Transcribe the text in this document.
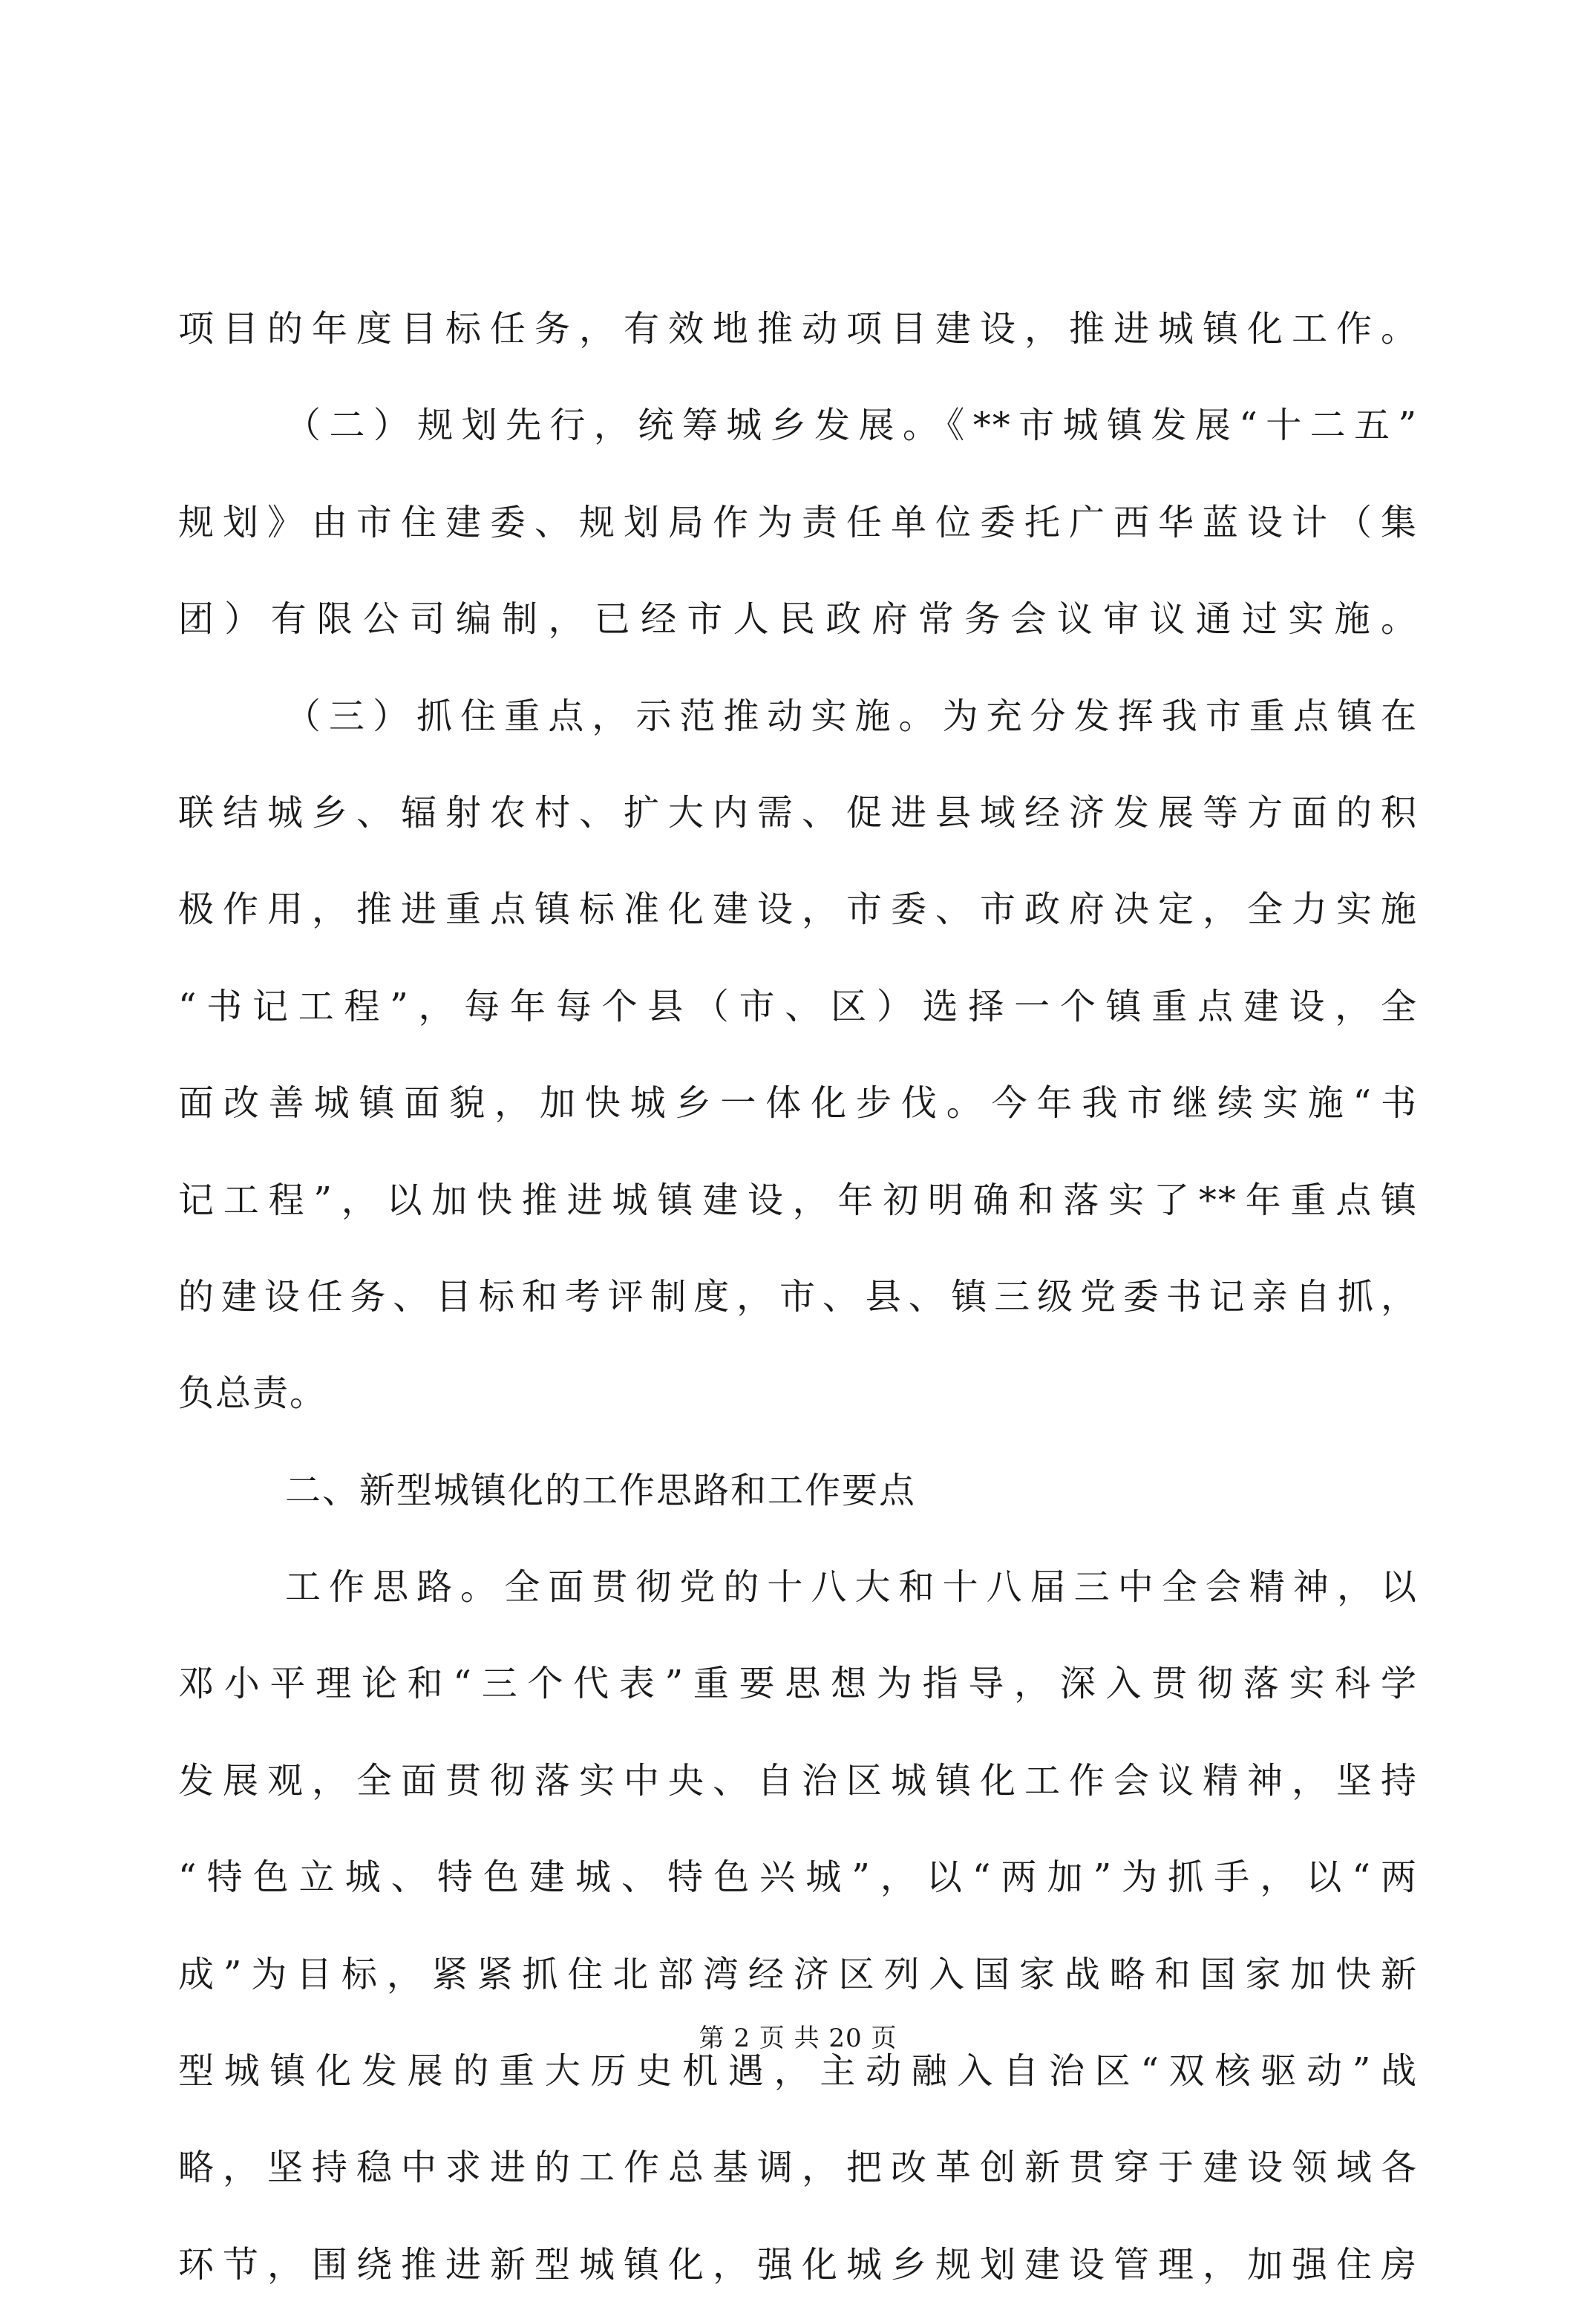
项目的年度目标任务，有效地推动项目建设，推进城镇化工作。
（二）规划先行，统筹城乡发展。《**市城镇发展“十二五”
规划》由市住建委、规划局作为责任单位委托广西华蓝设计（集
团）有限公司编制，已经市人民政府常务会议审议通过实施。
（三）抓住重点，示范推动实施。为充分发挥我市重点镇在
联结城乡、辐射农村、扩大内需、促进县域经济发展等方面的积
极作用，推进重点镇标准化建设，市委、市政府决定，全力实施
“书记工程”，每年每个县（市、区）选择一个镇重点建设，全
面改善城镇面貌，加快城乡一体化步伐。今年我市继续实施“书
记工程”，以加快推进城镇建设，年初明确和落实了**年重点镇
的建设任务、目标和考评制度，市、县、镇三级党委书记亲自抓，
负总责。
二、新型城镇化的工作思路和工作要点
工作思路。全面贯彻党的十八大和十八届三中全会精神，以
邓小平理论和“三个代表”重要思想为指导，深入贯彻落实科学
发展观，全面贯彻落实中央、自治区城镇化工作会议精神，坚持
“特色立城、特色建城、特色兴城”，以“两加”为抓手，以“两
成”为目标，紧紧抓住北部湾经济区列入国家战略和国家加快新
型城镇化发展的重大历史机遇，主动融入自治区“双核驱动”战
略，坚持稳中求进的工作总基调，把改革创新贯穿于建设领域各
环节，围绕推进新型城镇化，强化城乡规划建设管理，加强住房
第 2 页 共 20 页
